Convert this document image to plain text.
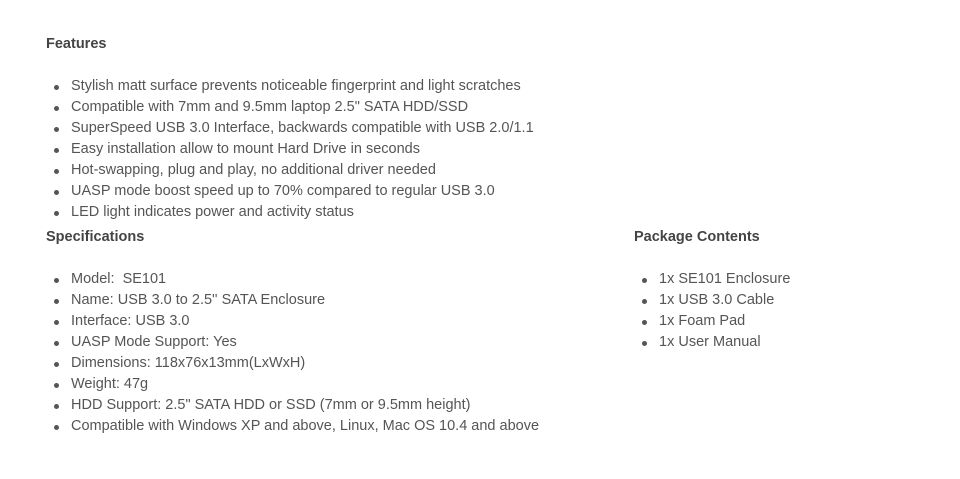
Features
Stylish matt surface prevents noticeable fingerprint and light scratches
Compatible with 7mm and 9.5mm laptop 2.5" SATA HDD/SSD
SuperSpeed USB 3.0 Interface, backwards compatible with USB 2.0/1.1
Easy installation allow to mount Hard Drive in seconds
Hot-swapping, plug and play, no additional driver needed
UASP mode boost speed up to 70% compared to regular USB 3.0
LED light indicates power and activity status
Specifications
Model:  SE101
Name: USB 3.0 to 2.5'' SATA Enclosure
Interface: USB 3.0
UASP Mode Support: Yes
Dimensions: 118x76x13mm(LxWxH)
Weight: 47g
HDD Support: 2.5" SATA HDD or SSD (7mm or 9.5mm height)
Compatible with Windows XP and above, Linux, Mac OS 10.4 and above
Package Contents
1x SE101 Enclosure
1x USB 3.0 Cable
1x Foam Pad
1x User Manual
